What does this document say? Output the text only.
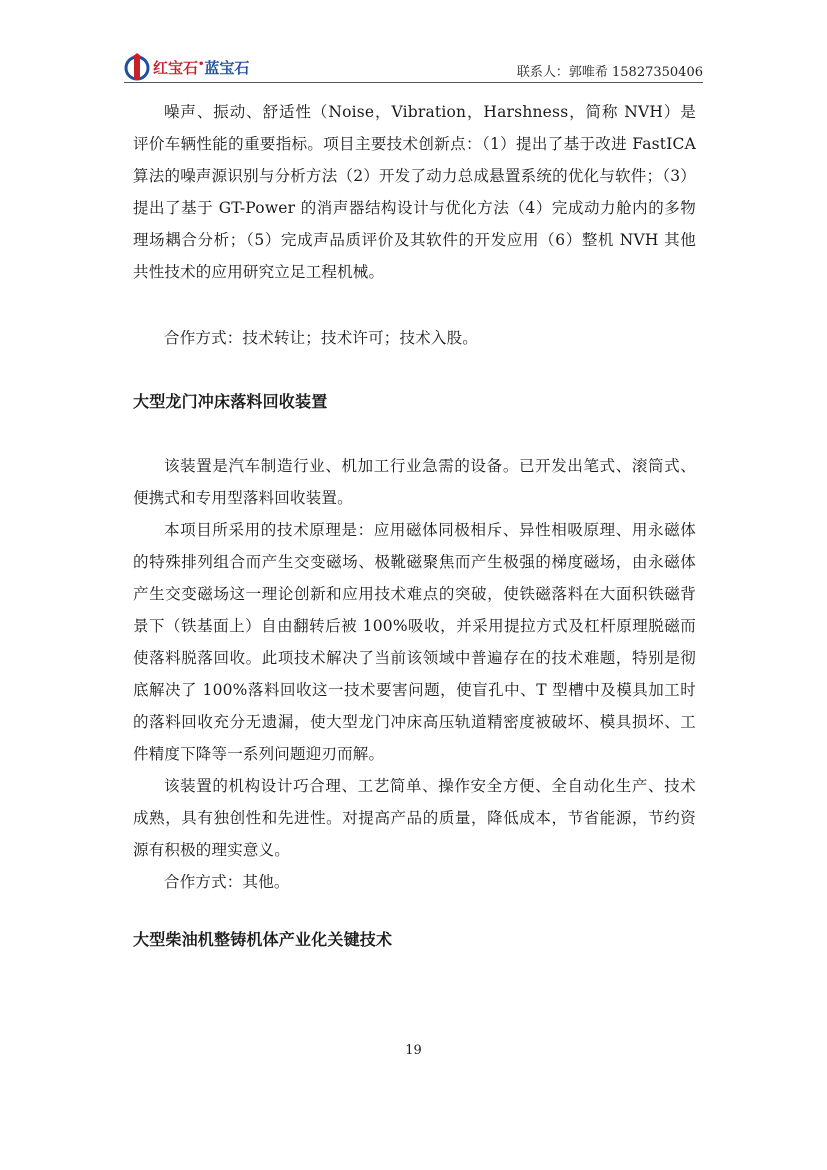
红宝石•蓝宝石	联系人：郭唯希 15827350406

噪声、振动、舒适性（Noise，Vibration，Harshness，简称 NVH）是评价车辆性能的重要指标。项目主要技术创新点：（1）提出了基于改进 FastICA 算法的噪声源识别与分析方法（2）开发了动力总成悬置系统的优化与软件；（3） 提出了基于 GT-Power 的消声器结构设计与优化方法（4）完成动力舱内的多物理场耦合分析；（5）完成声品质评价及其软件的开发应用（6）整机 NVH 其他共性技术的应用研究立足工程机械。

合作方式：技术转让；技术许可；技术入股。

大型龙门冲床落料回收装置

该装置是汽车制造行业、机加工行业急需的设备。已开发出笔式、滚筒式、便携式和专用型落料回收装置。

本项目所采用的技术原理是：应用磁体同极相斥、异性相吸原理、用永磁体的特殊排列组合而产生交变磁场、极靴磁聚焦而产生极强的梯度磁场，由永磁体产生交变磁场这一理论创新和应用技术难点的突破，使铁磁落料在大面积铁磁背景下（铁基面上）自由翻转后被 100%吸收，并采用提拉方式及杠杆原理脱磁而使落料脱落回收。此项技术解决了当前该领域中普遍存在的技术难题，特别是彻底解决了 100%落料回收这一技术要害问题，使盲孔中、T 型槽中及模具加工时的落料回收充分无遗漏，使大型龙门冲床高压轨道精密度被破坏、模具损坏、工件精度下降等一系列问题迎刃而解。

该装置的机构设计巧合理、工艺简单、操作安全方便、全自动化生产、技术成熟，具有独创性和先进性。对提高产品的质量，降低成本，节省能源，节约资源有积极的理实意义。

合作方式：其他。

大型柴油机整铸机体产业化关键技术
19
